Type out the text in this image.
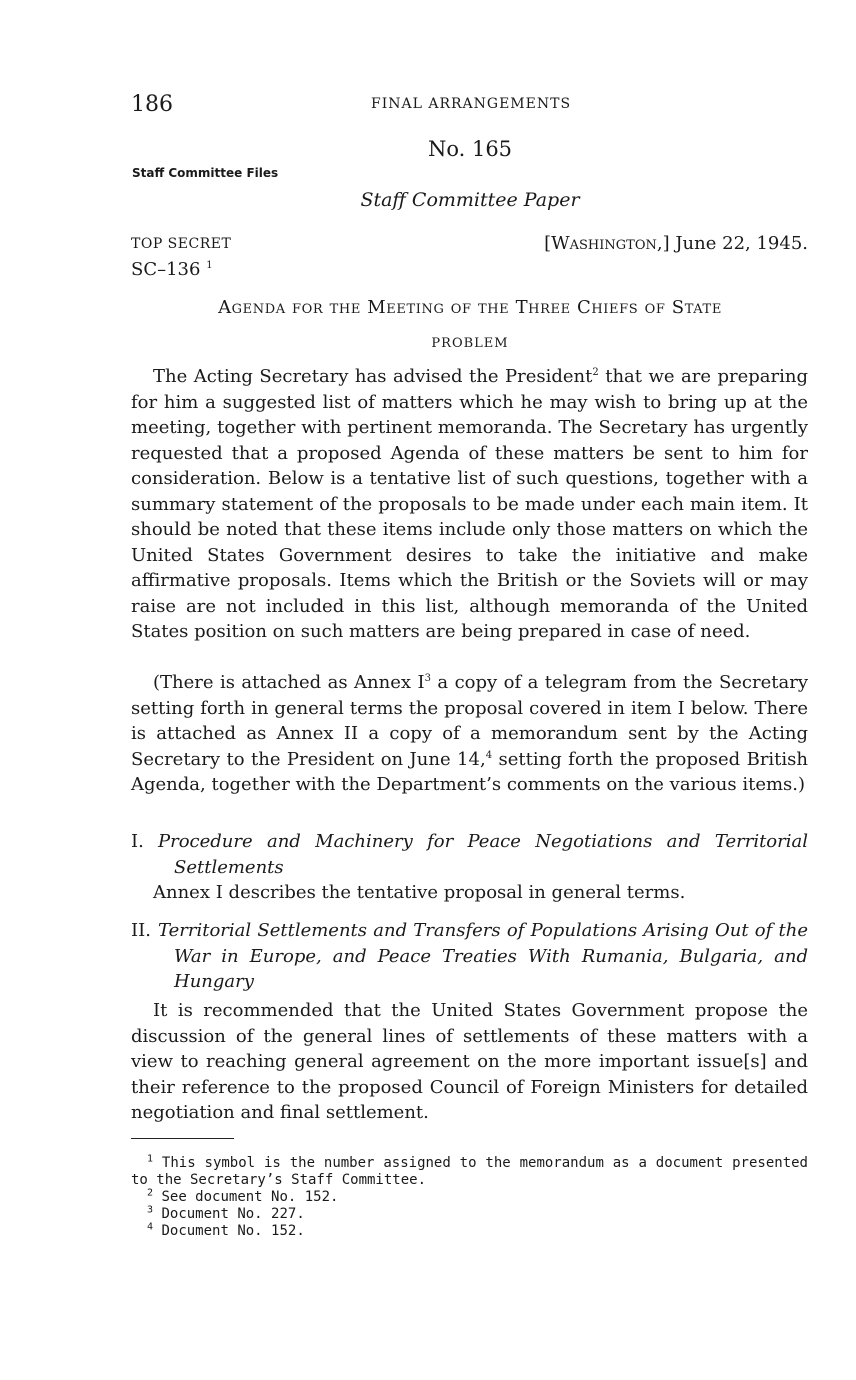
186	FINAL ARRANGEMENTS
No. 165
Staff Committee Files
Staff Committee Paper
TOP SECRET
SC–136 $^1$
[Washington,] June 22, 1945.
Agenda for the Meeting of the Three Chiefs of State
PROBLEM

The Acting Secretary has advised the President$^2$ that we are preparing for him a suggested list of matters which he may wish to bring up at the meeting, together with pertinent memoranda. The Secretary has urgently requested that a proposed Agenda of these matters be sent to him for consideration. Below is a tentative list of such questions, together with a summary statement of the proposals to be made under each main item. It should be noted that these items include only those matters on which the United States Government desires to take the initiative and make affirmative proposals. Items which the British or the Soviets will or may raise are not included in this list, although memoranda of the United States position on such matters are being prepared in case of need.

(There is attached as Annex $I^3$ a copy of a telegram from the Secretary setting forth in general terms the proposal covered in item I below. There is attached as Annex II a copy of a memorandum sent by the Acting Secretary to the President on June 14,$^4$ setting forth the proposed British Agenda, together with the Department’s comments on the various items.)

I. Procedure and Machinery for Peace Negotiations and Territorial Settlements
Annex I describes the tentative proposal in general terms.
II. Territorial Settlements and Transfers of Populations Arising Out of the War in Europe, and Peace Treaties With Rumania, Bulgaria, and Hungary

It is recommended that the United States Government propose the discussion of the general lines of settlements of these matters with a view to reaching general agreement on the more important issue[s] and their reference to the proposed Council of Foreign Ministers for detailed negotiation and final settlement.

$^1$ This symbol is the number assigned to the memorandum as a document presented to the Secretary’s Staff Committee.
$^2$ See document No. 152.
$^3$ Document No. 227.
$^4$ Document No. 152.
